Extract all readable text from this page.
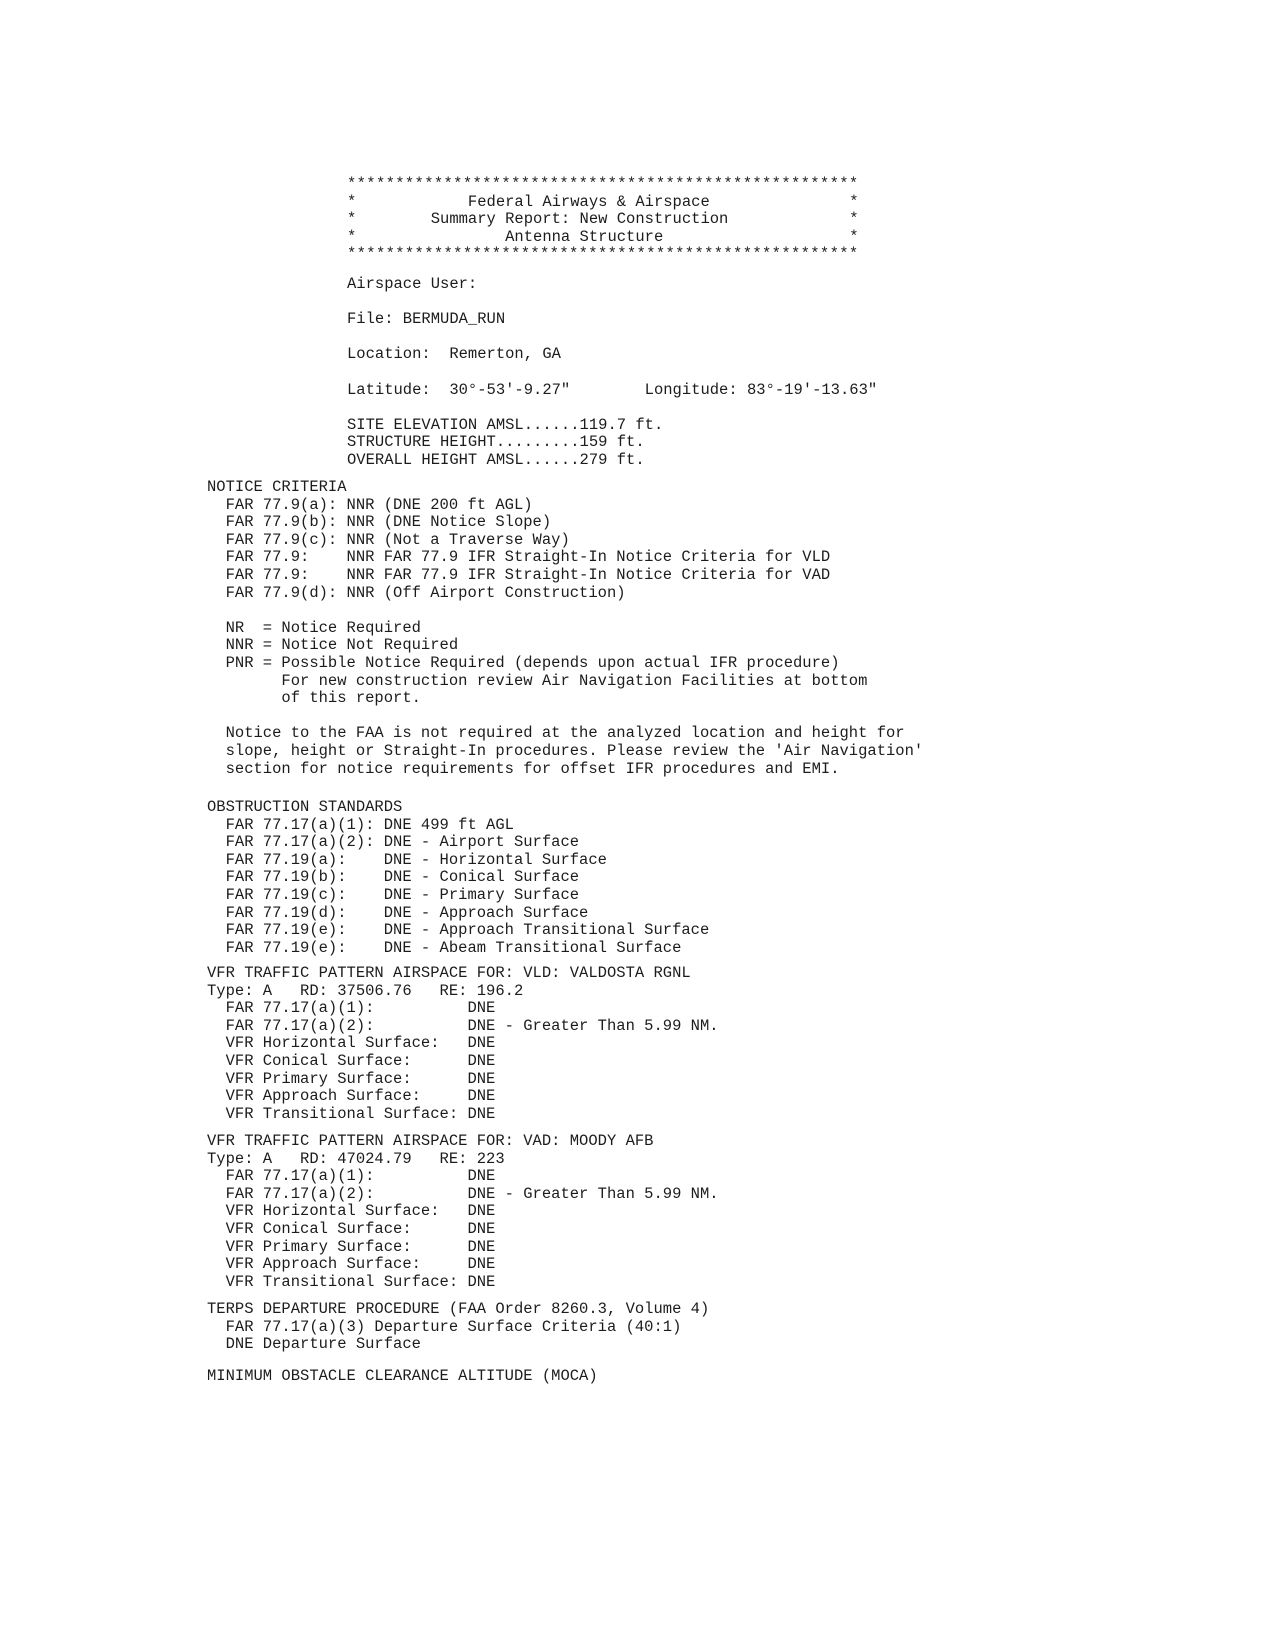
*****************************************************
*            Federal Airways & Airspace               *
*        Summary Report: New Construction             *
*                Antenna Structure                    *
*****************************************************
Airspace User:
File: BERMUDA_RUN
Location:  Remerton, GA
Latitude:  30°-53'-9.27"        Longitude: 83°-19'-13.63"
SITE ELEVATION AMSL......119.7 ft.
STRUCTURE HEIGHT.........159 ft.
OVERALL HEIGHT AMSL......279 ft.
NOTICE CRITERIA
FAR 77.9(a): NNR (DNE 200 ft AGL)
FAR 77.9(b): NNR (DNE Notice Slope)
FAR 77.9(c): NNR (Not a Traverse Way)
FAR 77.9:    NNR FAR 77.9 IFR Straight-In Notice Criteria for VLD
FAR 77.9:    NNR FAR 77.9 IFR Straight-In Notice Criteria for VAD
FAR 77.9(d): NNR (Off Airport Construction)
NR  = Notice Required
NNR = Notice Not Required
PNR = Possible Notice Required (depends upon actual IFR procedure)
For new construction review Air Navigation Facilities at bottom
of this report.
Notice to the FAA is not required at the analyzed location and height for
slope, height or Straight-In procedures. Please review the 'Air Navigation'
section for notice requirements for offset IFR procedures and EMI.
OBSTRUCTION STANDARDS
FAR 77.17(a)(1): DNE 499 ft AGL
FAR 77.17(a)(2): DNE - Airport Surface
FAR 77.19(a):    DNE - Horizontal Surface
FAR 77.19(b):    DNE - Conical Surface
FAR 77.19(c):    DNE - Primary Surface
FAR 77.19(d):    DNE - Approach Surface
FAR 77.19(e):    DNE - Approach Transitional Surface
FAR 77.19(e):    DNE - Abeam Transitional Surface
VFR TRAFFIC PATTERN AIRSPACE FOR: VLD: VALDOSTA RGNL
Type: A   RD: 37506.76   RE: 196.2
FAR 77.17(a)(1):          DNE
FAR 77.17(a)(2):          DNE - Greater Than 5.99 NM.
VFR Horizontal Surface:   DNE
VFR Conical Surface:      DNE
VFR Primary Surface:      DNE
VFR Approach Surface:     DNE
VFR Transitional Surface: DNE
VFR TRAFFIC PATTERN AIRSPACE FOR: VAD: MOODY AFB
Type: A   RD: 47024.79   RE: 223
FAR 77.17(a)(1):          DNE
FAR 77.17(a)(2):          DNE - Greater Than 5.99 NM.
VFR Horizontal Surface:   DNE
VFR Conical Surface:      DNE
VFR Primary Surface:      DNE
VFR Approach Surface:     DNE
VFR Transitional Surface: DNE
TERPS DEPARTURE PROCEDURE (FAA Order 8260.3, Volume 4)
FAR 77.17(a)(3) Departure Surface Criteria (40:1)
DNE Departure Surface
MINIMUM OBSTACLE CLEARANCE ALTITUDE (MOCA)
